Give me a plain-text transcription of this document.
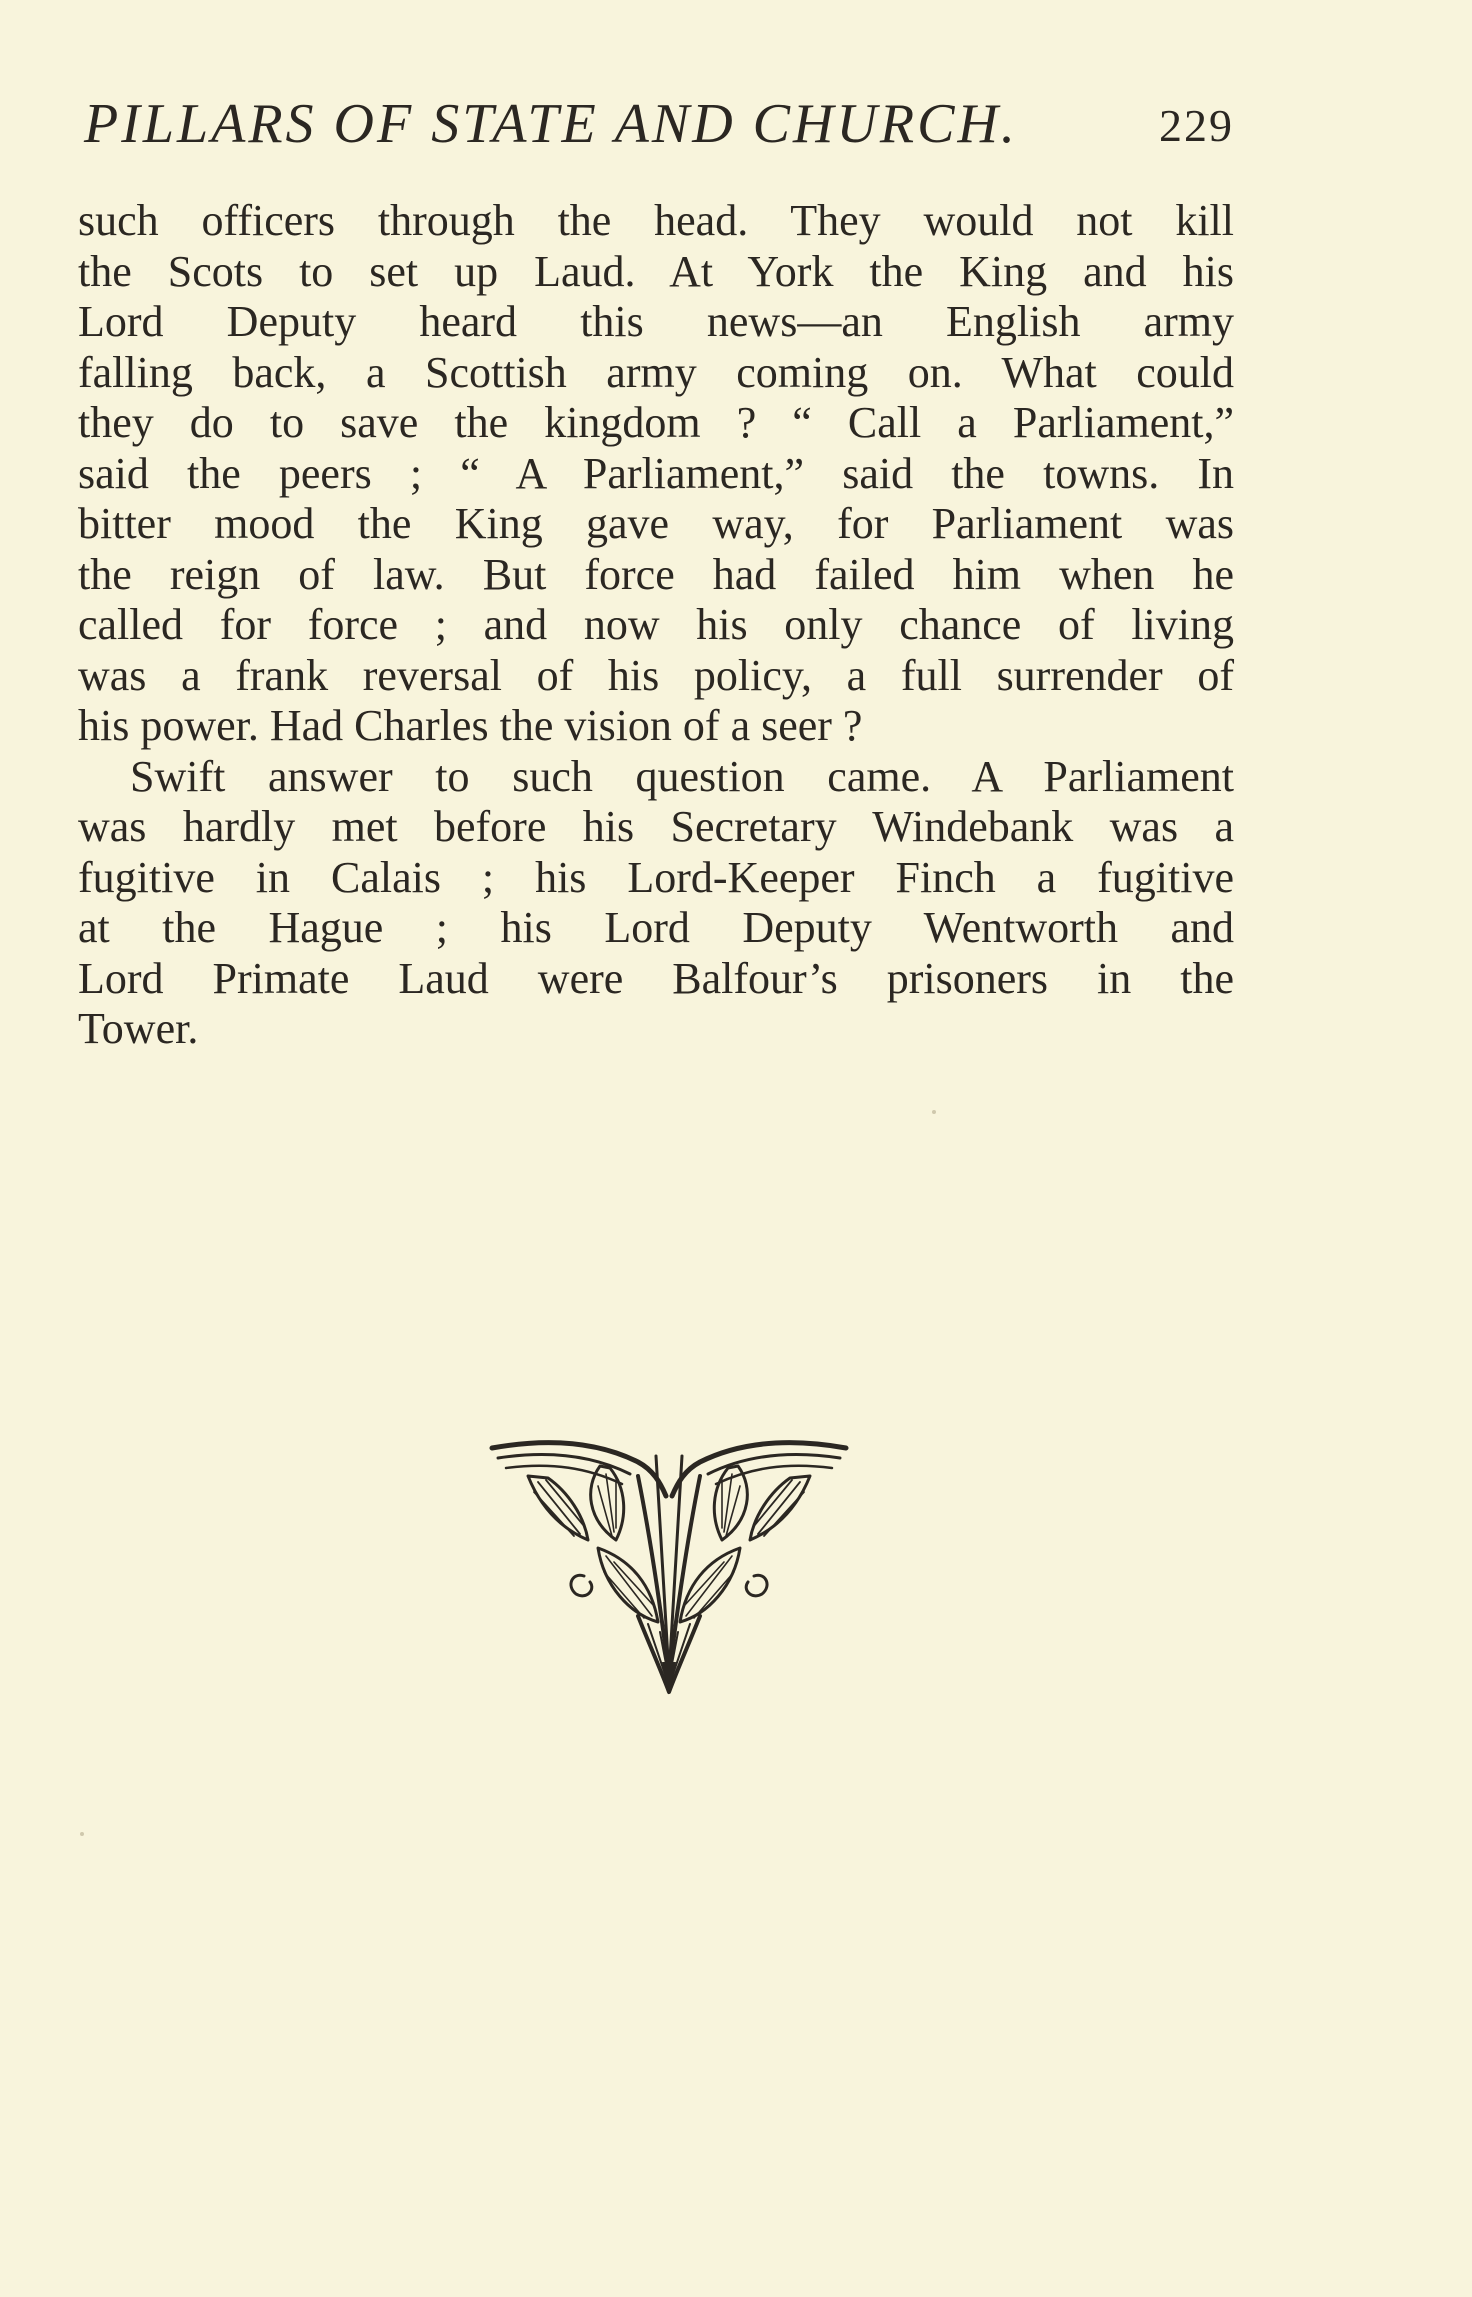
PILLARS OF STATE AND CHURCH.	229
such officers through the head. They would not kill
the Scots to set up Laud. At York the King and his
Lord Deputy heard this news—an English army
falling back, a Scottish army coming on. What could
they do to save the kingdom ? “ Call a Parliament,”
said the peers ; “ A Parliament,” said the towns. In
bitter mood the King gave way, for Parliament was
the reign of law. But force had failed him when he
called for force ; and now his only chance of living
was a frank reversal of his policy, a full surrender of
his power. Had Charles the vision of a seer ?
Swift answer to such question came. A Parliament
was hardly met before his Secretary Windebank was a
fugitive in Calais ; his Lord-Keeper Finch a fugitive
at the Hague ; his Lord Deputy Wentworth and
Lord Primate Laud were Balfour’s prisoners in the
Tower.
